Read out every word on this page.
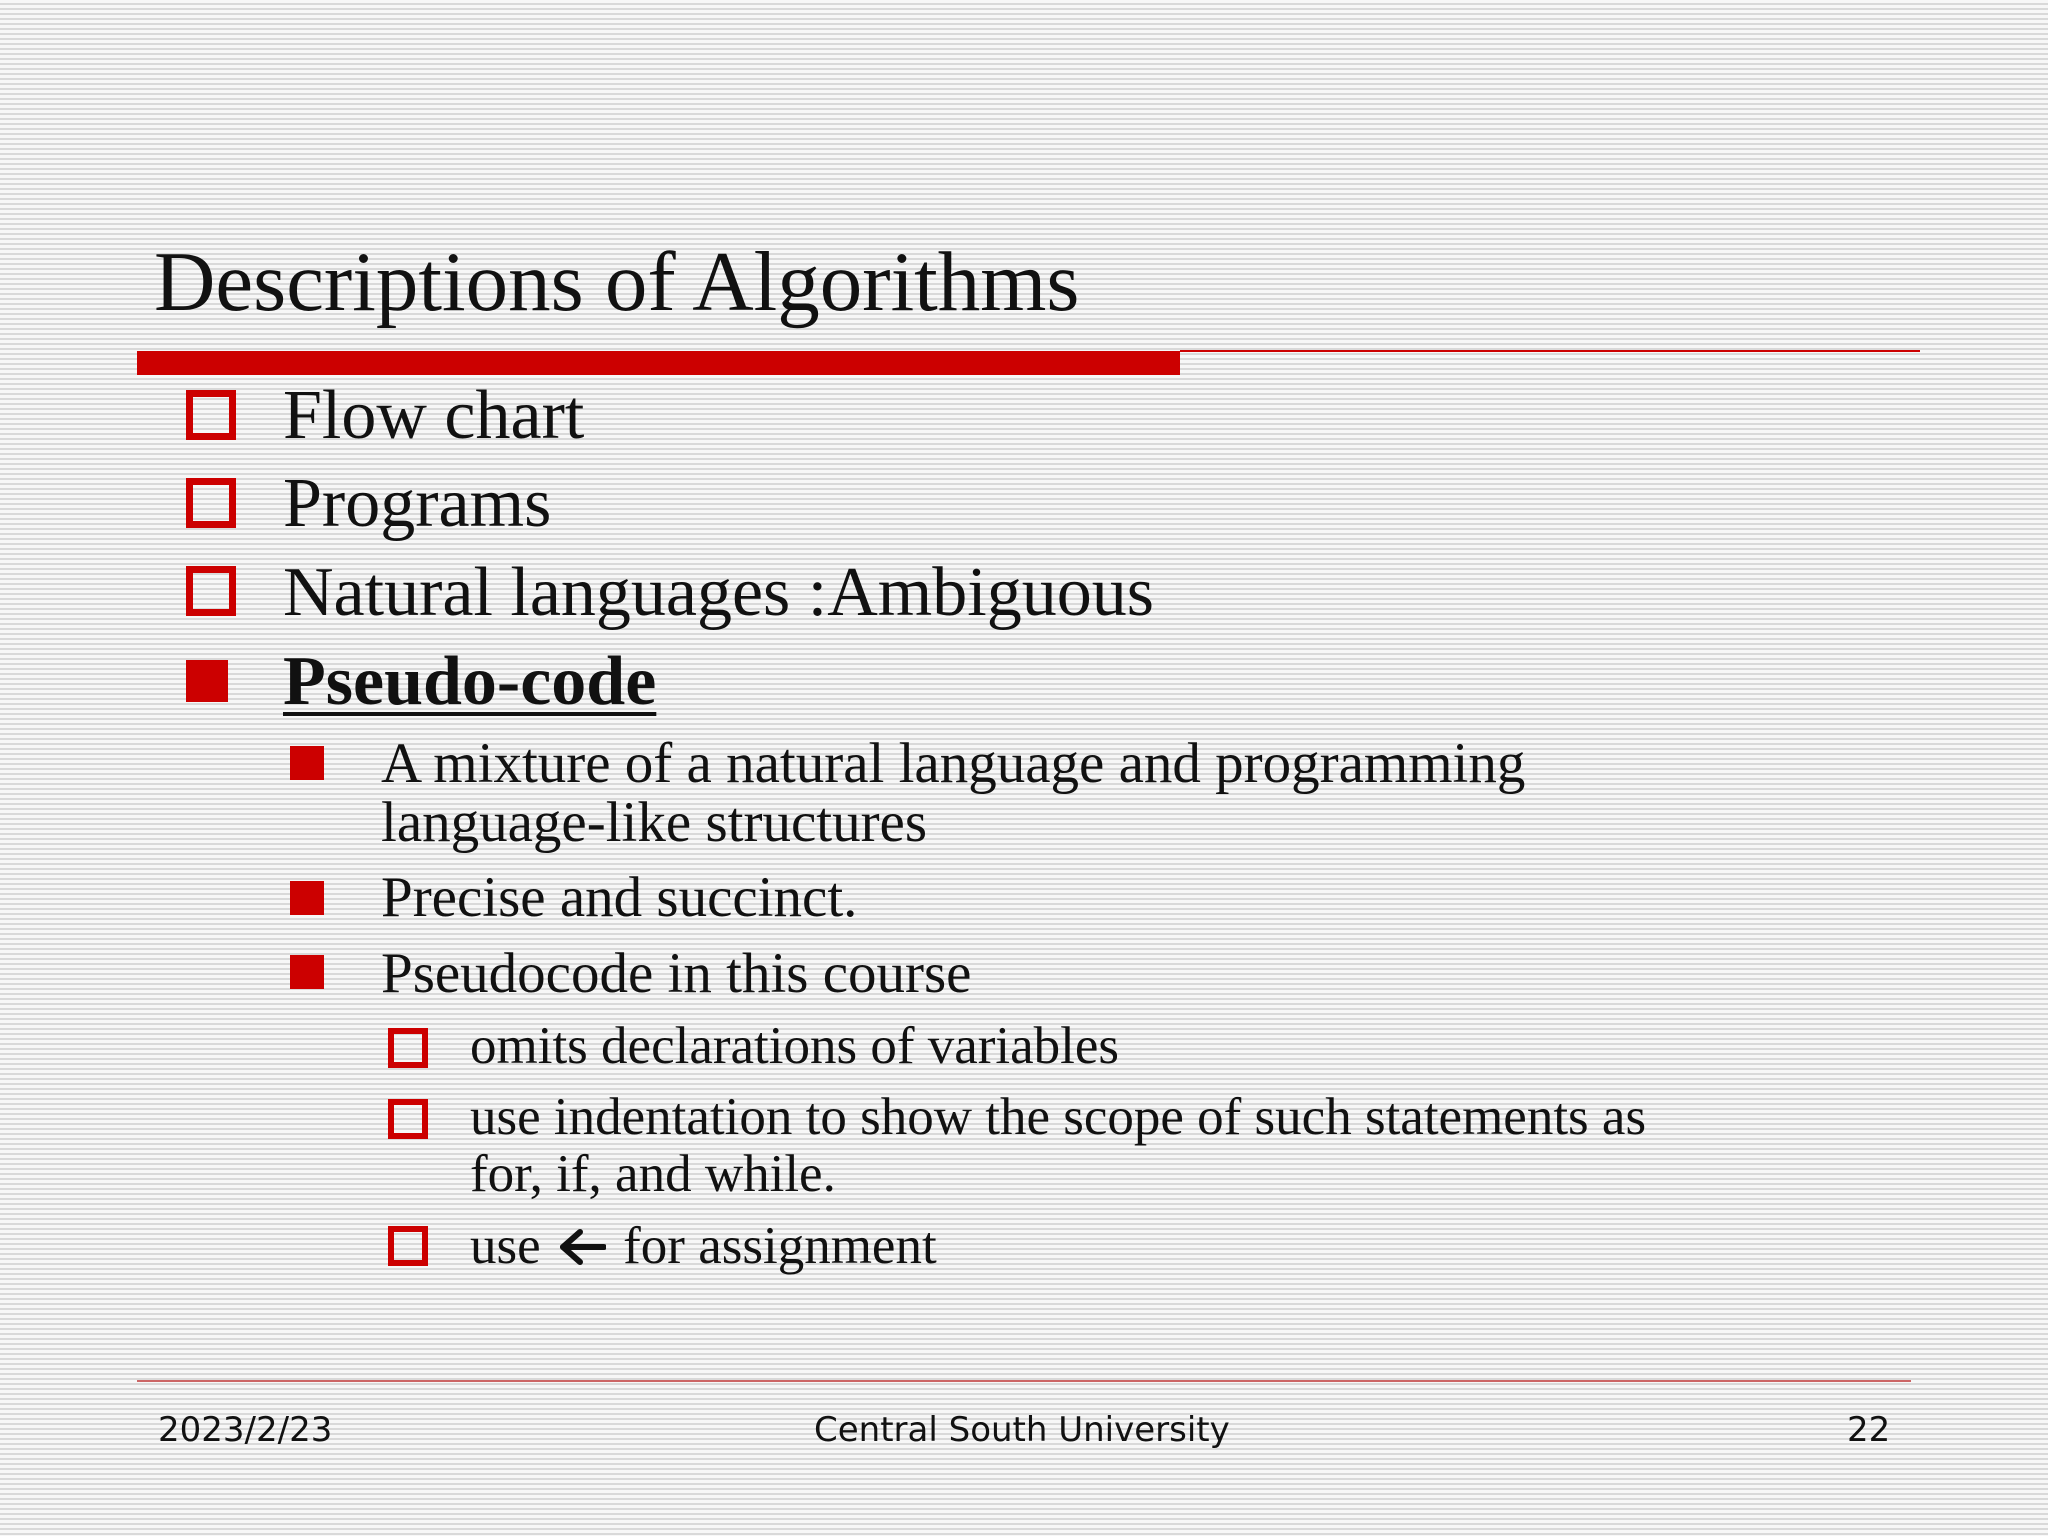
Descriptions of Algorithms
Flow chart
Programs
Natural languages :Ambiguous
Pseudo-code
A mixture of a natural language and programming
language-like structures
Precise and succinct.
Pseudocode in this course
omits declarations of variables
use indentation to show the scope of such statements as
for, if, and while.
use for assignment
2023/2/23	Central South University	22
